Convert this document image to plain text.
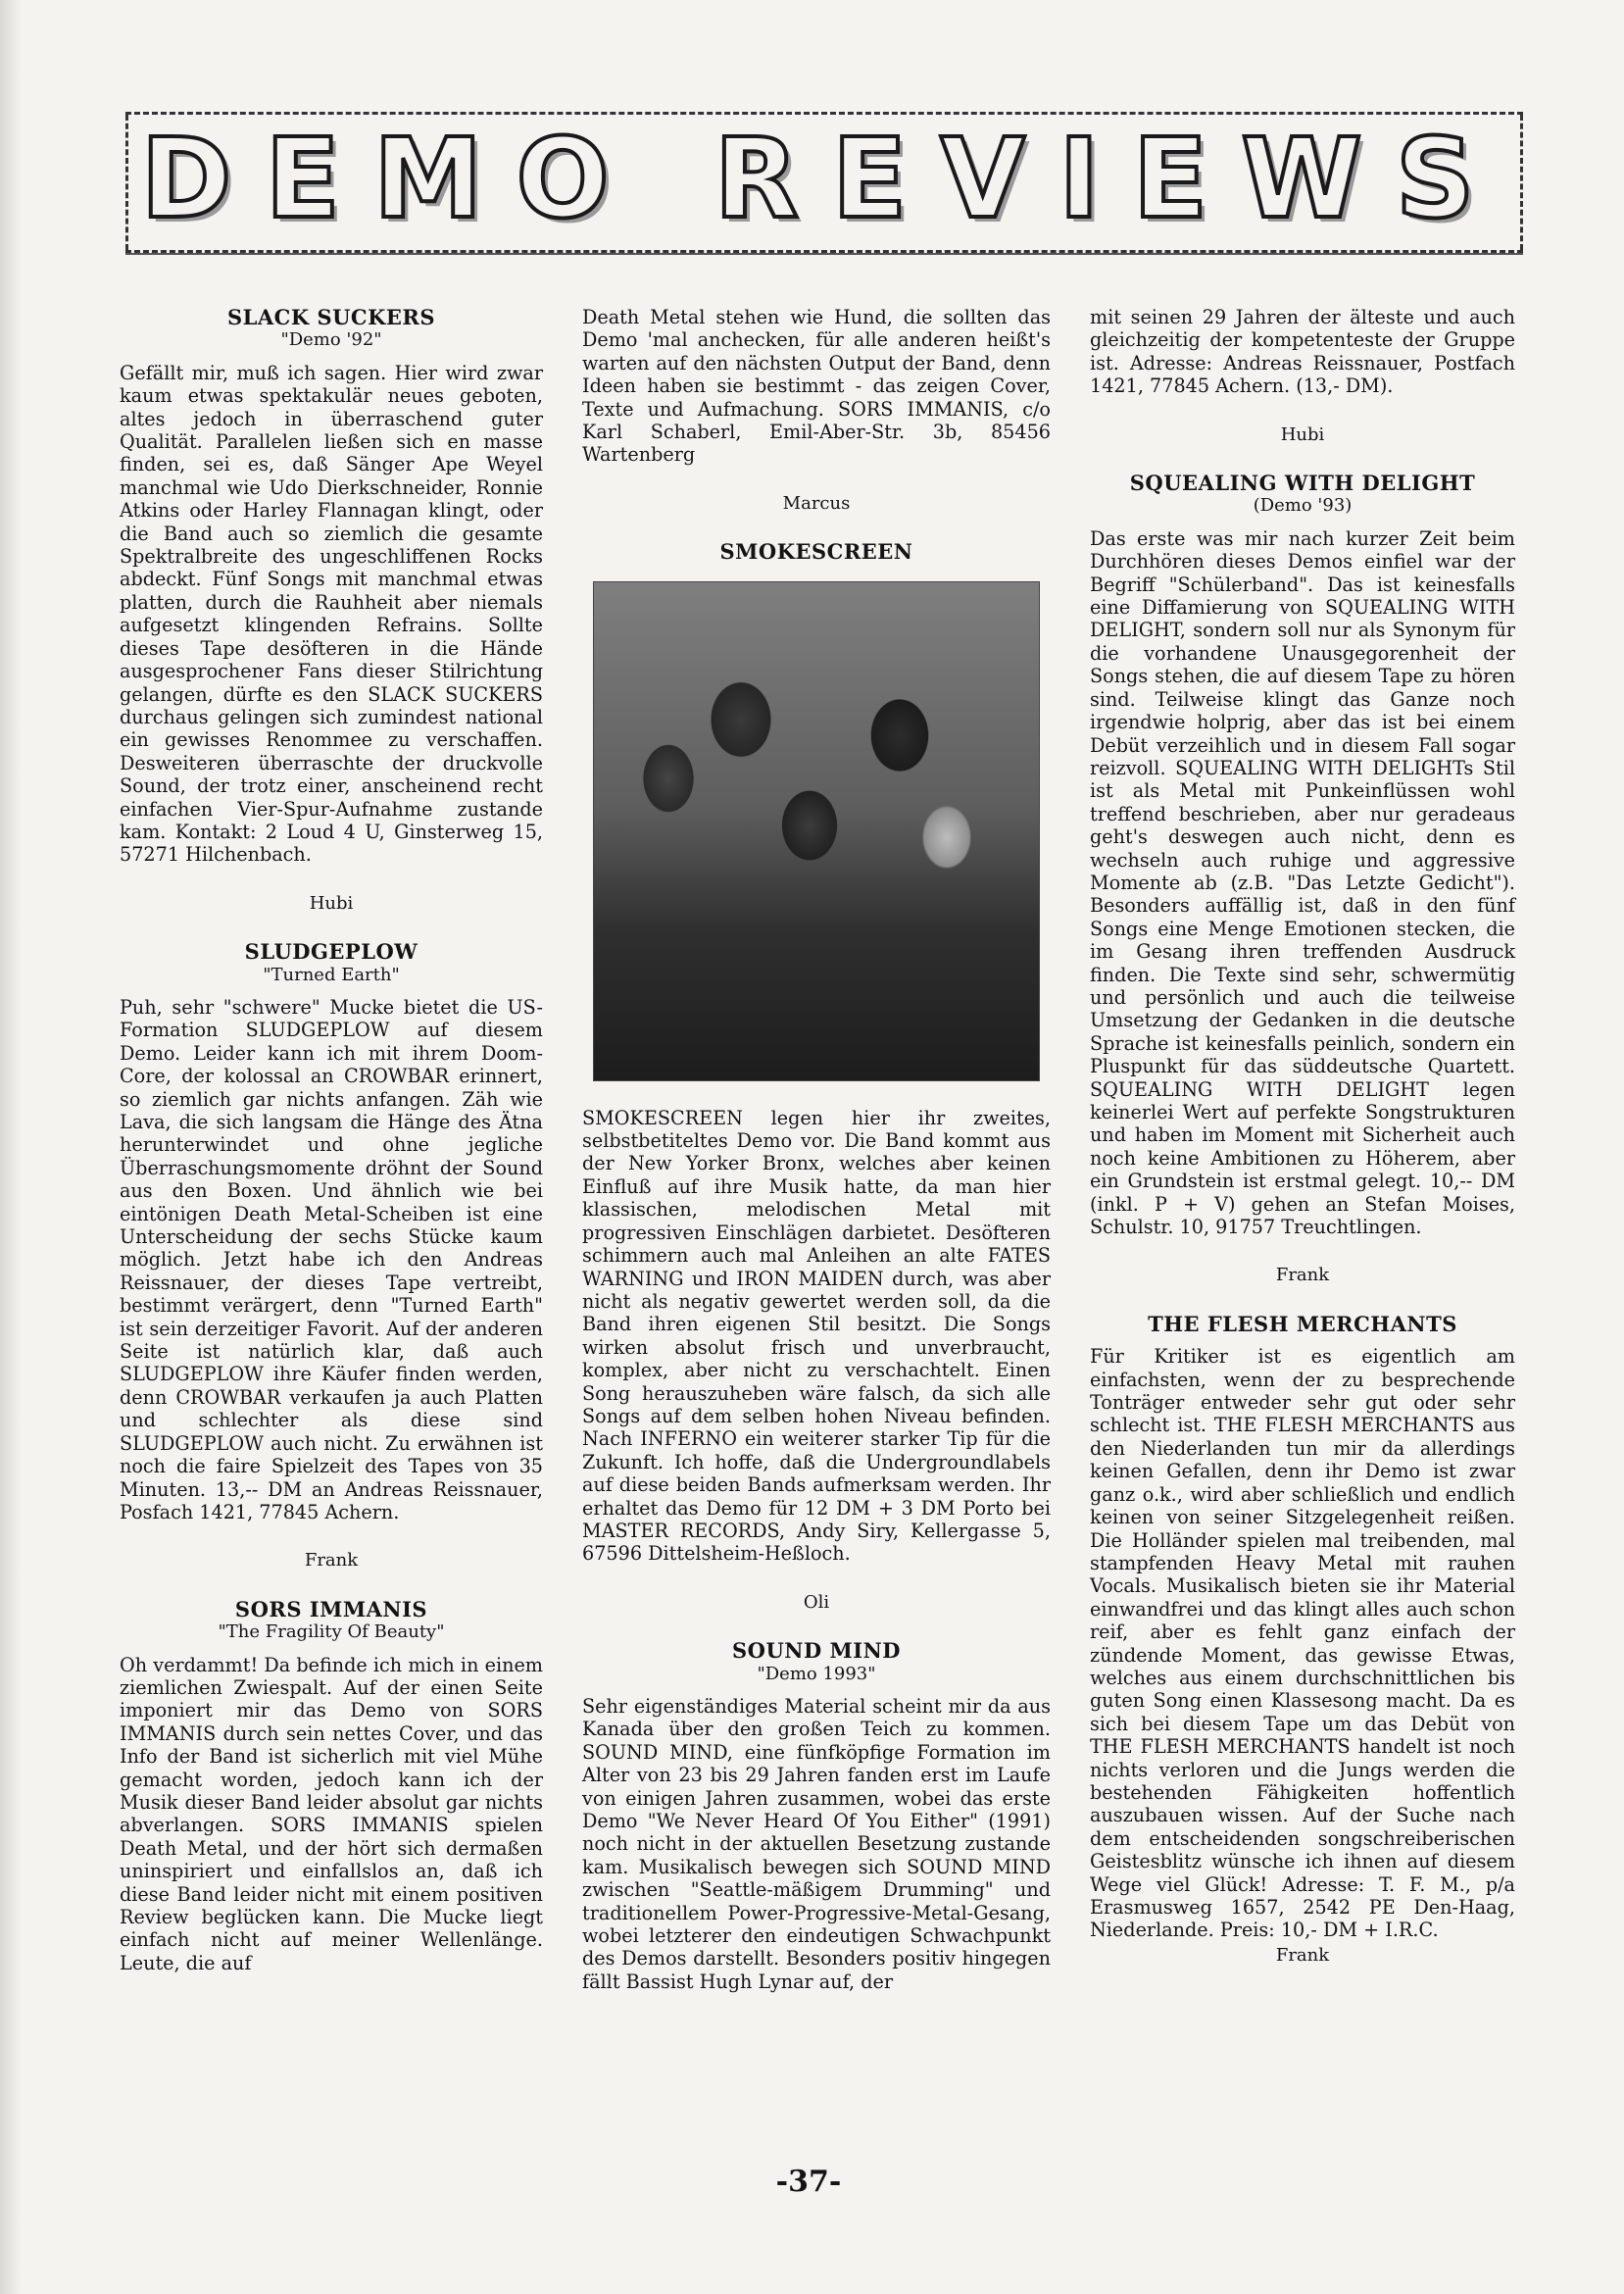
DEMO REVIEWS
SLACK SUCKERS
"Demo '92"

Gefällt mir, muß ich sagen. Hier wird zwar kaum etwas spektakulär neues geboten, altes jedoch in überraschend guter Qualität. Parallelen ließen sich en masse finden, sei es, daß Sänger Ape Weyel manchmal wie Udo Dierkschneider, Ronnie Atkins oder Harley Flannagan klingt, oder die Band auch so ziemlich die gesamte Spektralbreite des ungeschliffenen Rocks abdeckt. Fünf Songs mit manchmal etwas platten, durch die Rauhheit aber niemals aufgesetzt klingenden Refrains. Sollte dieses Tape desöfteren in die Hände ausgesprochener Fans dieser Stilrichtung gelangen, dürfte es den SLACK SUCKERS durchaus gelingen sich zumindest national ein gewisses Renommee zu verschaffen. Desweiteren überraschte der druckvolle Sound, der trotz einer, anscheinend recht einfachen Vier-Spur-Aufnahme zustande kam. Kontakt: 2 Loud 4 U, Ginsterweg 15, 57271 Hilchenbach.

Hubi
SLUDGEPLOW
"Turned Earth"

Puh, sehr "schwere" Mucke bietet die US-Formation SLUDGEPLOW auf diesem Demo. Leider kann ich mit ihrem Doom-Core, der kolossal an CROWBAR erinnert, so ziemlich gar nichts anfangen. Zäh wie Lava, die sich langsam die Hänge des Ätna herunterwindet und ohne jegliche Überraschungsmomente dröhnt der Sound aus den Boxen. Und ähnlich wie bei eintönigen Death Metal-Scheiben ist eine Unterscheidung der sechs Stücke kaum möglich. Jetzt habe ich den Andreas Reissnauer, der dieses Tape vertreibt, bestimmt verärgert, denn "Turned Earth" ist sein derzeitiger Favorit. Auf der anderen Seite ist natürlich klar, daß auch SLUDGEPLOW ihre Käufer finden werden, denn CROWBAR verkaufen ja auch Platten und schlechter als diese sind SLUDGEPLOW auch nicht. Zu erwähnen ist noch die faire Spielzeit des Tapes von 35 Minuten. 13,-- DM an Andreas Reissnauer, Posfach 1421, 77845 Achern.

Frank
SORS IMMANIS
"The Fragility Of Beauty"

Oh verdammt! Da befinde ich mich in einem ziemlichen Zwiespalt. Auf der einen Seite imponiert mir das Demo von SORS IMMANIS durch sein nettes Cover, und das Info der Band ist sicherlich mit viel Mühe gemacht worden, jedoch kann ich der Musik dieser Band leider absolut gar nichts abverlangen. SORS IMMANIS spielen Death Metal, und der hört sich dermaßen uninspiriert und einfallslos an, daß ich diese Band leider nicht mit einem positiven Review beglücken kann. Die Mucke liegt einfach nicht auf meiner Wellenlänge. Leute, die auf

Death Metal stehen wie Hund, die sollten das Demo 'mal anchecken, für alle anderen heißt's warten auf den nächsten Output der Band, denn Ideen haben sie bestimmt - das zeigen Cover, Texte und Aufmachung. SORS IMMANIS, c/o Karl Schaberl, Emil-Aber-Str. 3b, 85456 Wartenberg

Marcus
SMOKESCREEN

SMOKESCREEN legen hier ihr zweites, selbstbetiteltes Demo vor. Die Band kommt aus der New Yorker Bronx, welches aber keinen Einfluß auf ihre Musik hatte, da man hier klassischen, melodischen Metal mit progressiven Einschlägen darbietet. Desöfteren schimmern auch mal Anleihen an alte FATES WARNING und IRON MAIDEN durch, was aber nicht als negativ gewertet werden soll, da die Band ihren eigenen Stil besitzt. Die Songs wirken absolut frisch und unverbraucht, komplex, aber nicht zu verschachtelt. Einen Song herauszuheben wäre falsch, da sich alle Songs auf dem selben hohen Niveau befinden. Nach INFERNO ein weiterer starker Tip für die Zukunft. Ich hoffe, daß die Undergroundlabels auf diese beiden Bands aufmerksam werden. Ihr erhaltet das Demo für 12 DM + 3 DM Porto bei MASTER RECORDS, Andy Siry, Kellergasse 5, 67596 Dittelsheim-Heßloch.

Oli
SOUND MIND
"Demo 1993"

Sehr eigenständiges Material scheint mir da aus Kanada über den großen Teich zu kommen. SOUND MIND, eine fünfköpfige Formation im Alter von 23 bis 29 Jahren fanden erst im Laufe von einigen Jahren zusammen, wobei das erste Demo "We Never Heard Of You Either" (1991) noch nicht in der aktuellen Besetzung zustande kam. Musikalisch bewegen sich SOUND MIND zwischen "Seattle-mäßigem Drumming" und traditionellem Power-Progressive-Metal-Gesang, wobei letzterer den eindeutigen Schwachpunkt des Demos darstellt. Besonders positiv hingegen fällt Bassist Hugh Lynar auf, der

mit seinen 29 Jahren der älteste und auch gleichzeitig der kompetenteste der Gruppe ist. Adresse: Andreas Reissnauer, Postfach 1421, 77845 Achern. (13,- DM).

Hubi
SQUEALING WITH DELIGHT
(Demo '93)

Das erste was mir nach kurzer Zeit beim Durchhören dieses Demos einfiel war der Begriff "Schülerband". Das ist keinesfalls eine Diffamierung von SQUEALING WITH DELIGHT, sondern soll nur als Synonym für die vorhandene Unausgegorenheit der Songs stehen, die auf diesem Tape zu hören sind. Teilweise klingt das Ganze noch irgendwie holprig, aber das ist bei einem Debüt verzeihlich und in diesem Fall sogar reizvoll. SQUEALING WITH DELIGHTs Stil ist als Metal mit Punkeinflüssen wohl treffend beschrieben, aber nur geradeaus geht's deswegen auch nicht, denn es wechseln auch ruhige und aggressive Momente ab (z.B. "Das Letzte Gedicht"). Besonders auffällig ist, daß in den fünf Songs eine Menge Emotionen stecken, die im Gesang ihren treffenden Ausdruck finden. Die Texte sind sehr, schwermütig und persönlich und auch die teilweise Umsetzung der Gedanken in die deutsche Sprache ist keinesfalls peinlich, sondern ein Pluspunkt für das süddeutsche Quartett. SQUEALING WITH DELIGHT legen keinerlei Wert auf perfekte Songstrukturen und haben im Moment mit Sicherheit auch noch keine Ambitionen zu Höherem, aber ein Grundstein ist erstmal gelegt. 10,-- DM (inkl. P + V) gehen an Stefan Moises, Schulstr. 10, 91757 Treuchtlingen.

Frank
THE FLESH MERCHANTS

Für Kritiker ist es eigentlich am einfachsten, wenn der zu besprechende Tonträger entweder sehr gut oder sehr schlecht ist. THE FLESH MERCHANTS aus den Niederlanden tun mir da allerdings keinen Gefallen, denn ihr Demo ist zwar ganz o.k., wird aber schließlich und endlich keinen von seiner Sitzgelegenheit reißen. Die Holländer spielen mal treibenden, mal stampfenden Heavy Metal mit rauhen Vocals. Musikalisch bieten sie ihr Material einwandfrei und das klingt alles auch schon reif, aber es fehlt ganz einfach der zündende Moment, das gewisse Etwas, welches aus einem durchschnittlichen bis guten Song einen Klassesong macht. Da es sich bei diesem Tape um das Debüt von THE FLESH MERCHANTS handelt ist noch nichts verloren und die Jungs werden die bestehenden Fähigkeiten hoffentlich auszubauen wissen. Auf der Suche nach dem entscheidenden songschreiberischen Geistesblitz wünsche ich ihnen auf diesem Wege viel Glück! Adresse: T. F. M., p/a Erasmusweg 1657, 2542 PE Den-Haag, Niederlande. Preis: 10,- DM + I.R.C.

Frank
-37-
